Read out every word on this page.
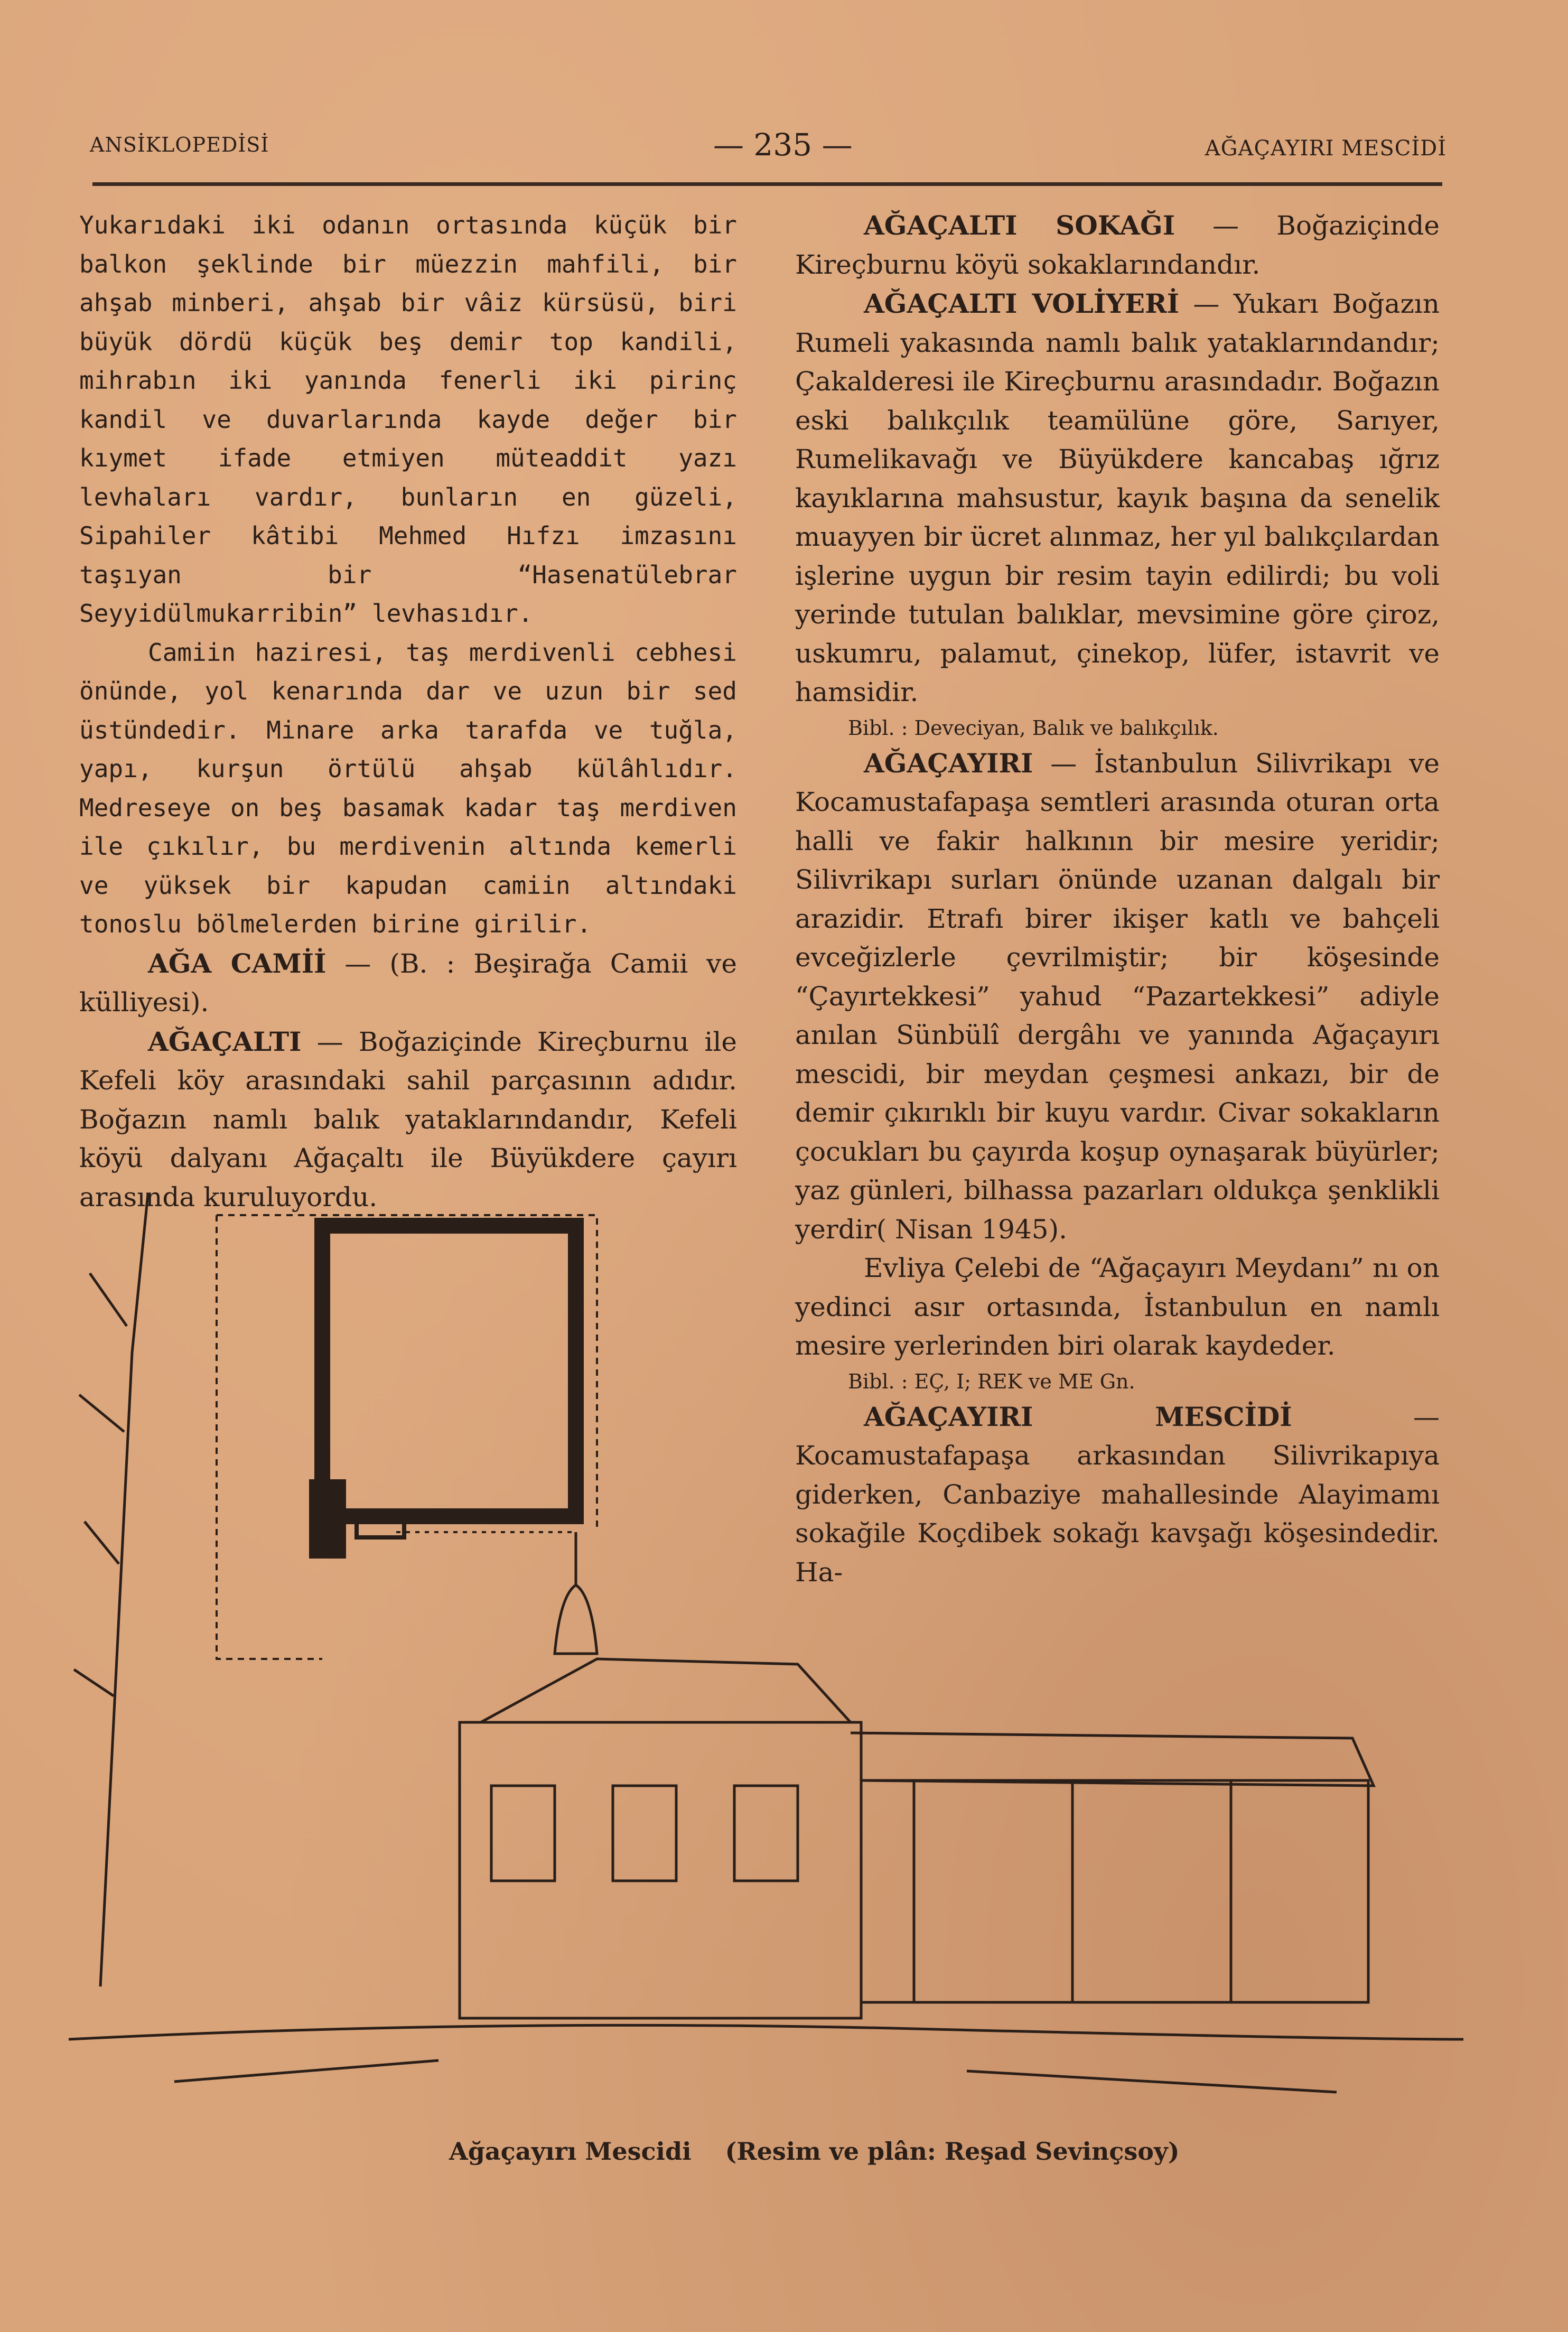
ANSİKLOPEDİSİ	— 235 —	AĞAÇAYIRI MESCİDİ

Yukarıdaki iki odanın ortasında küçük bir balkon şeklinde bir müezzin mahfili, bir ahşab minberi, ahşab bir vâiz kürsüsü, biri büyük dördü küçük beş demir top kandili, mihrabın iki yanında fenerli iki pirinç kandil ve duvarlarında kayde değer bir kıymet ifade etmiyen müteaddit yazı levhaları vardır, bunların en güzeli, Sipahiler kâtibi Mehmed Hıfzı imzasını taşıyan bir “Hasenatülebrar Seyyidülmukarribin” levhasıdır.

Camiin haziresi, taş merdivenli cebhesi önünde, yol kenarında dar ve uzun bir sed üstündedir. Minare arka tarafda ve tuğla, yapı, kurşun örtülü ahşab külâhlıdır. Medreseye on beş basamak kadar taş merdiven ile çıkılır, bu merdivenin altında kemerli ve yüksek bir kapudan camiin altındaki tonoslu bölmelerden birine girilir.

AĞA CAMİİ — (B. : Beşirağa Camii ve külliyesi).

AĞAÇALTI — Boğaziçinde Kireçburnu ile Kefeli köy arasındaki sahil parçasının adıdır. Boğazın namlı balık yataklarındandır, Kefeli köyü dalyanı Ağaçaltı ile Büyükdere çayırı arasında kuruluyordu.

AĞAÇALTI SOKAĞI — Boğaziçinde Kireçburnu köyü sokaklarındandır.

AĞAÇALTI VOLİYERİ — Yukarı Boğazın Rumeli yakasında namlı balık yataklarındandır; Çakalderesi ile Kireçburnu arasındadır. Boğazın eski balıkçılık teamülüne göre, Sarıyer, Rumelikavağı ve Büyükdere kancabaş ığrız kayıklarına mahsustur, kayık başına da senelik muayyen bir ücret alınmaz, her yıl balıkçılardan işlerine uygun bir resim tayin edilirdi; bu voli yerinde tutulan balıklar, mevsimine göre çiroz, uskumru, palamut, çinekop, lüfer, istavrit ve hamsidir.

Bibl. : Deveciyan, Balık ve balıkçılık.

AĞAÇAYIRI — İstanbulun Silivrikapı ve Kocamustafapaşa semtleri arasında oturan orta halli ve fakir halkının bir mesire yeridir; Silivrikapı surları önünde uzanan dalgalı bir arazidir. Etrafı birer ikişer katlı ve bahçeli evceğizlerle çevrilmiştir; bir köşesinde “Çayırtekkesi” yahud “Pazartekkesi” adiyle anılan Sünbülî dergâhı ve yanında Ağaçayırı mescidi, bir meydan çeşmesi ankazı, bir de demir çıkırıklı bir kuyu vardır. Civar sokakların çocukları bu çayırda koşup oynaşarak büyürler; yaz günleri, bilhassa pazarları oldukça şenklikli yerdir( Nisan 1945).

Evliya Çelebi de “Ağaçayırı Meydanı” nı on yedinci asır ortasında, İstanbulun en namlı mesire yerlerinden biri olarak kaydeder.

Bibl. : EÇ, I; REK ve ME Gn.

AĞAÇAYIRI MESCİDİ — Kocamustafapaşa arkasından Silivrikapıya giderken, Canbaziye mahallesinde Alayimamı sokağile Koçdibek sokağı kavşağı köşesindedir. Ha-

Ağaçayırı Mescidi (Resim ve plân: Reşad Sevinçsoy)
